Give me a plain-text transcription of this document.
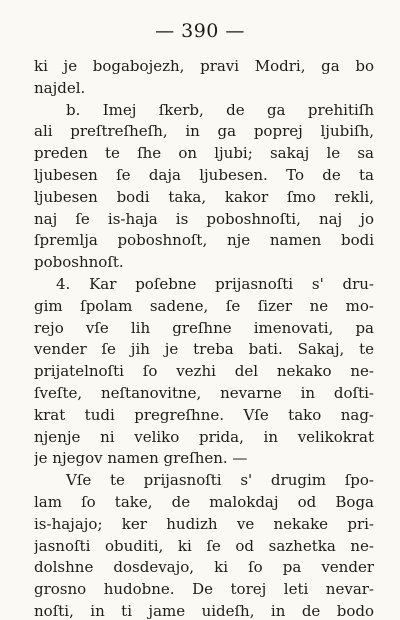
— 390 —
ki je bogabojezh, pravi Modri, ga bo
najdel.
b. Imej ſkerb, de ga prehitiſh
ali preſtreſheſh, in ga poprej ljubiſh,
preden te ſhe on ljubi; sakaj le sa
ljubesen ſe daja ljubesen. To de ta
ljubesen bodi taka, kakor ſmo rekli,
naj ſe is-haja is poboshnoſti, naj jo
ſpremlja poboshnoſt, nje namen bodi
poboshnoſt.
4. Kar poſebne prijasnoſti s' dru-
gim ſpolam sadene, ſe ſizer ne mo-
rejo vſe lih greſhne imenovati, pa
vender ſe jih je treba bati. Sakaj, te
prijatelnoſti ſo vezhi del nekako ne-
ſveſte, neſtanovitne, nevarne in doſti-
krat tudi pregreſhne. Vſe tako nag-
njenje ni veliko prida, in velikokrat
je njegov namen greſhen. —
Vſe te prijasnoſti s' drugim ſpo-
lam ſo take, de malokdaj od Boga
is-hajajo; ker hudizh ve nekake pri-
jasnoſti obuditi, ki ſe od sazhetka ne-
dolshne dosdevajo, ki ſo pa vender
grosno hudobne. De torej leti nevar-
noſti, in ti jame uideſh, in de bodo
